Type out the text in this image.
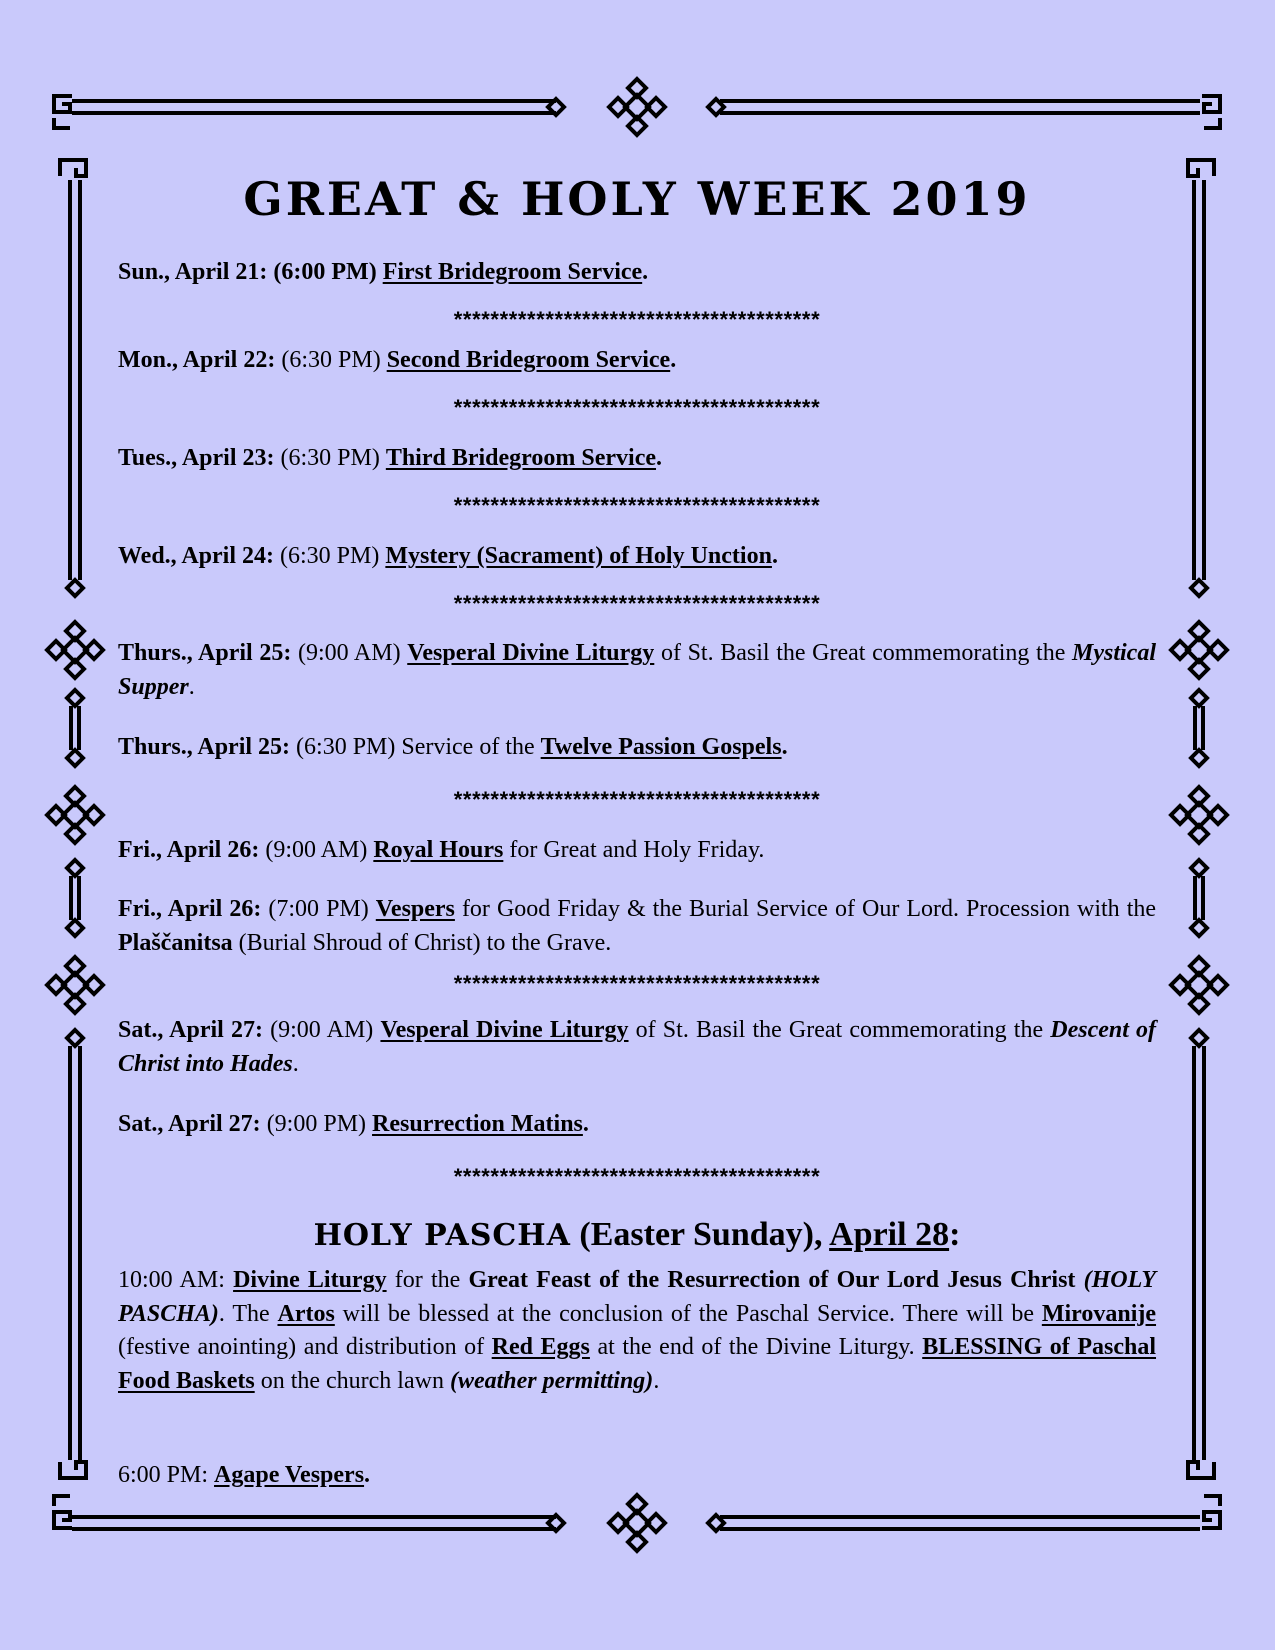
GREAT & HOLY WEEK 2019

Sun., April 21: (6:00 PM) First Bridegroom Service.

****************************************

Mon., April 22: (6:30 PM) Second Bridegroom Service.

****************************************

Tues., April 23: (6:30 PM) Third Bridegroom Service.

****************************************

Wed., April 24: (6:30 PM) Mystery (Sacrament) of Holy Unction.

****************************************

Thurs., April 25: (9:00 AM) Vesperal Divine Liturgy of St. Basil the Great commemorating the Mystical Supper.

Thurs., April 25: (6:30 PM) Service of the Twelve Passion Gospels.

****************************************

Fri., April 26: (9:00 AM) Royal Hours for Great and Holy Friday.

Fri., April 26: (7:00 PM) Vespers for Good Friday & the Burial Service of Our Lord. Procession with the Plaščanitsa (Burial Shroud of Christ) to the Grave.

****************************************

Sat., April 27: (9:00 AM) Vesperal Divine Liturgy of St. Basil the Great commemorating the Descent of Christ into Hades.

Sat., April 27: (9:00 PM) Resurrection Matins.

****************************************

HOLY PASCHA (Easter Sunday), April 28:

10:00 AM: Divine Liturgy for the Great Feast of the Resurrection of Our Lord Jesus Christ (HOLY PASCHA). The Artos will be blessed at the conclusion of the Paschal Service. There will be Mirovanije (festive anointing) and distribution of Red Eggs at the end of the Divine Liturgy. BLESSING of Paschal Food Baskets on the church lawn (weather permitting).

6:00 PM: Agape Vespers.
